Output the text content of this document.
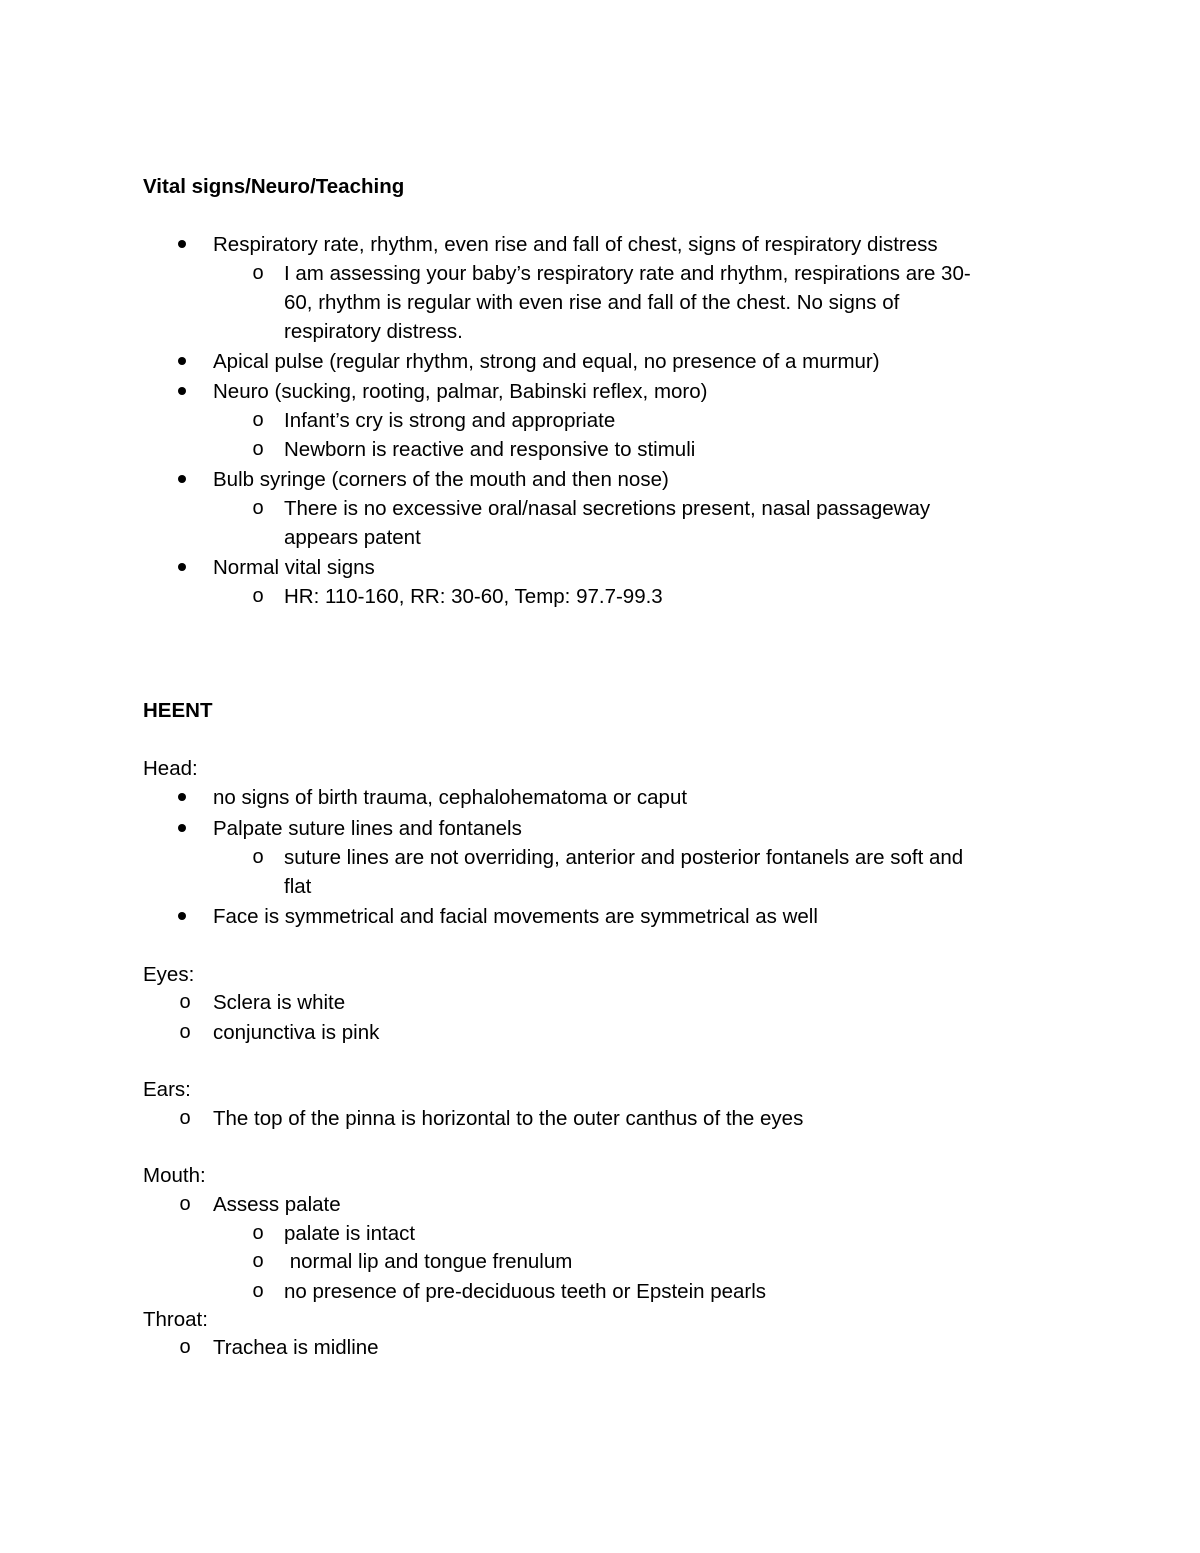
Vital signs/Neuro/Teaching
Respiratory rate, rhythm, even rise and fall of chest, signs of respiratory distress
o I am assessing your baby’s respiratory rate and rhythm, respirations are 30-
60, rhythm is regular with even rise and fall of the chest. No signs of
respiratory distress.
Apical pulse (regular rhythm, strong and equal, no presence of a murmur)
Neuro (sucking, rooting, palmar, Babinski reflex, moro)
o Infant’s cry is strong and appropriate
o Newborn is reactive and responsive to stimuli
Bulb syringe (corners of the mouth and then nose)
o There is no excessive oral/nasal secretions present, nasal passageway
appears patent
Normal vital signs
o HR: 110-160, RR: 30-60, Temp: 97.7-99.3
HEENT
Head:
no signs of birth trauma, cephalohematoma or caput
Palpate suture lines and fontanels
o suture lines are not overriding, anterior and posterior fontanels are soft and
flat
Face is symmetrical and facial movements are symmetrical as well
Eyes:
o	Sclera is white
o	conjunctiva is pink
Ears:
o	The top of the pinna is horizontal to the outer canthus of the eyes
Mouth:
o	Assess palate
o palate is intact
o normal lip and tongue frenulum
o no presence of pre-deciduous teeth or Epstein pearls
Throat:
o	Trachea is midline
